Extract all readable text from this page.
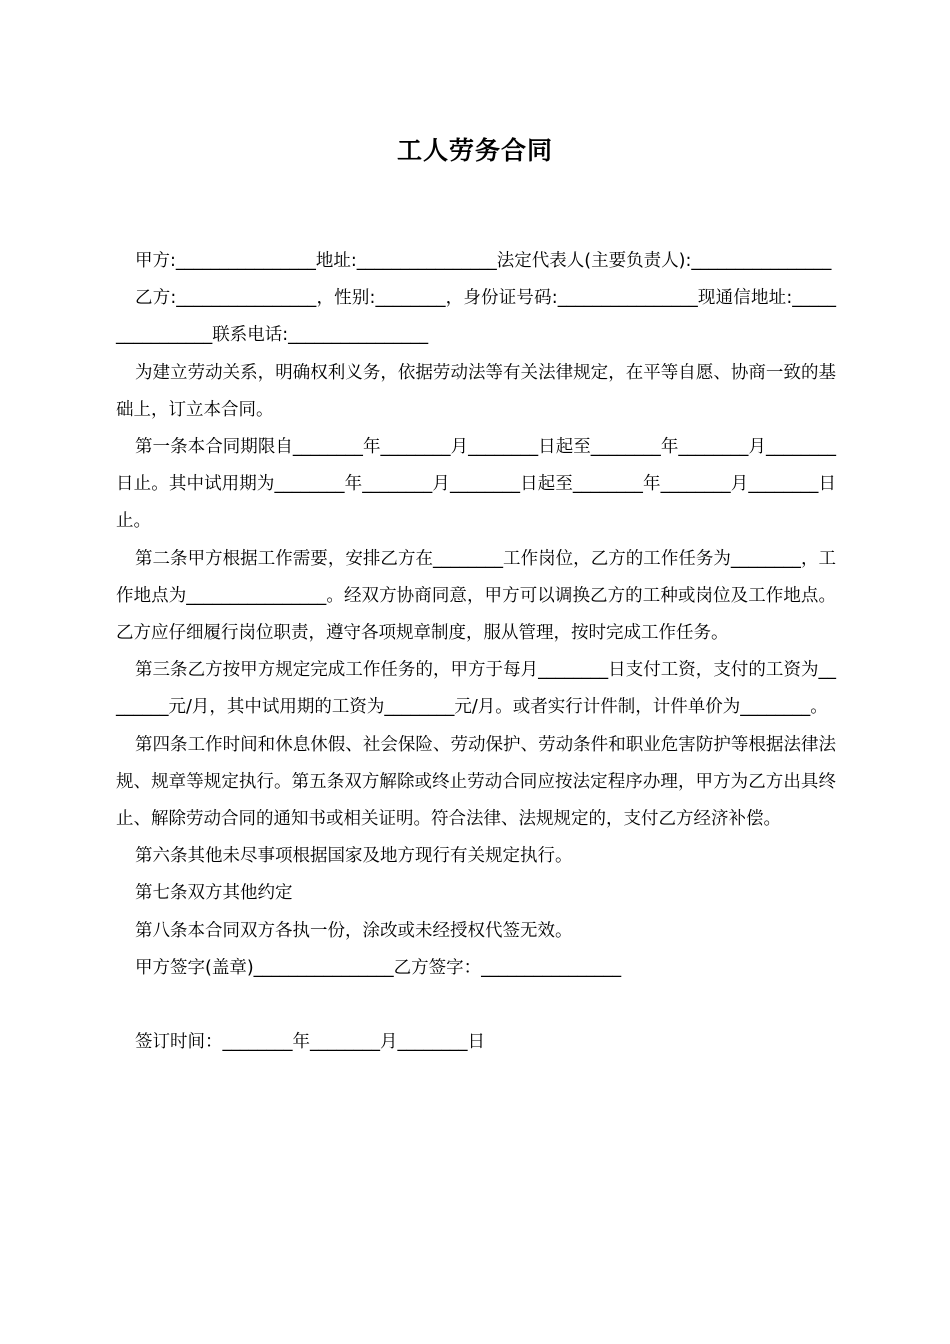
工人劳务合同

甲方:________________地址:________________法定代表人(主要负责人):________________

乙方:________________，性别:________，身份证号码:________________现通信地址:________________联系电话:________________

为建立劳动关系，明确权利义务，依据劳动法等有关法律规定，在平等自愿、协商一致的基础上，订立本合同。

第一条本合同期限自________年________月________日起至________年________月________日止。其中试用期为________年________月________日起至________年________月________日止。

第二条甲方根据工作需要，安排乙方在________工作岗位，乙方的工作任务为________，工作地点为________________。经双方协商同意，甲方可以调换乙方的工种或岗位及工作地点。乙方应仔细履行岗位职责，遵守各项规章制度，服从管理，按时完成工作任务。

第三条乙方按甲方规定完成工作任务的，甲方于每月________日支付工资，支付的工资为________元/月，其中试用期的工资为________元/月。或者实行计件制，计件单价为________。

第四条工作时间和休息休假、社会保险、劳动保护、劳动条件和职业危害防护等根据法律法规、规章等规定执行。第五条双方解除或终止劳动合同应按法定程序办理，甲方为乙方出具终止、解除劳动合同的通知书或相关证明。符合法律、法规规定的，支付乙方经济补偿。

第六条其他未尽事项根据国家及地方现行有关规定执行。

第七条双方其他约定

第八条本合同双方各执一份，涂改或未经授权代签无效。

甲方签字(盖章)________________乙方签字：________________

签订时间：________年________月________日
